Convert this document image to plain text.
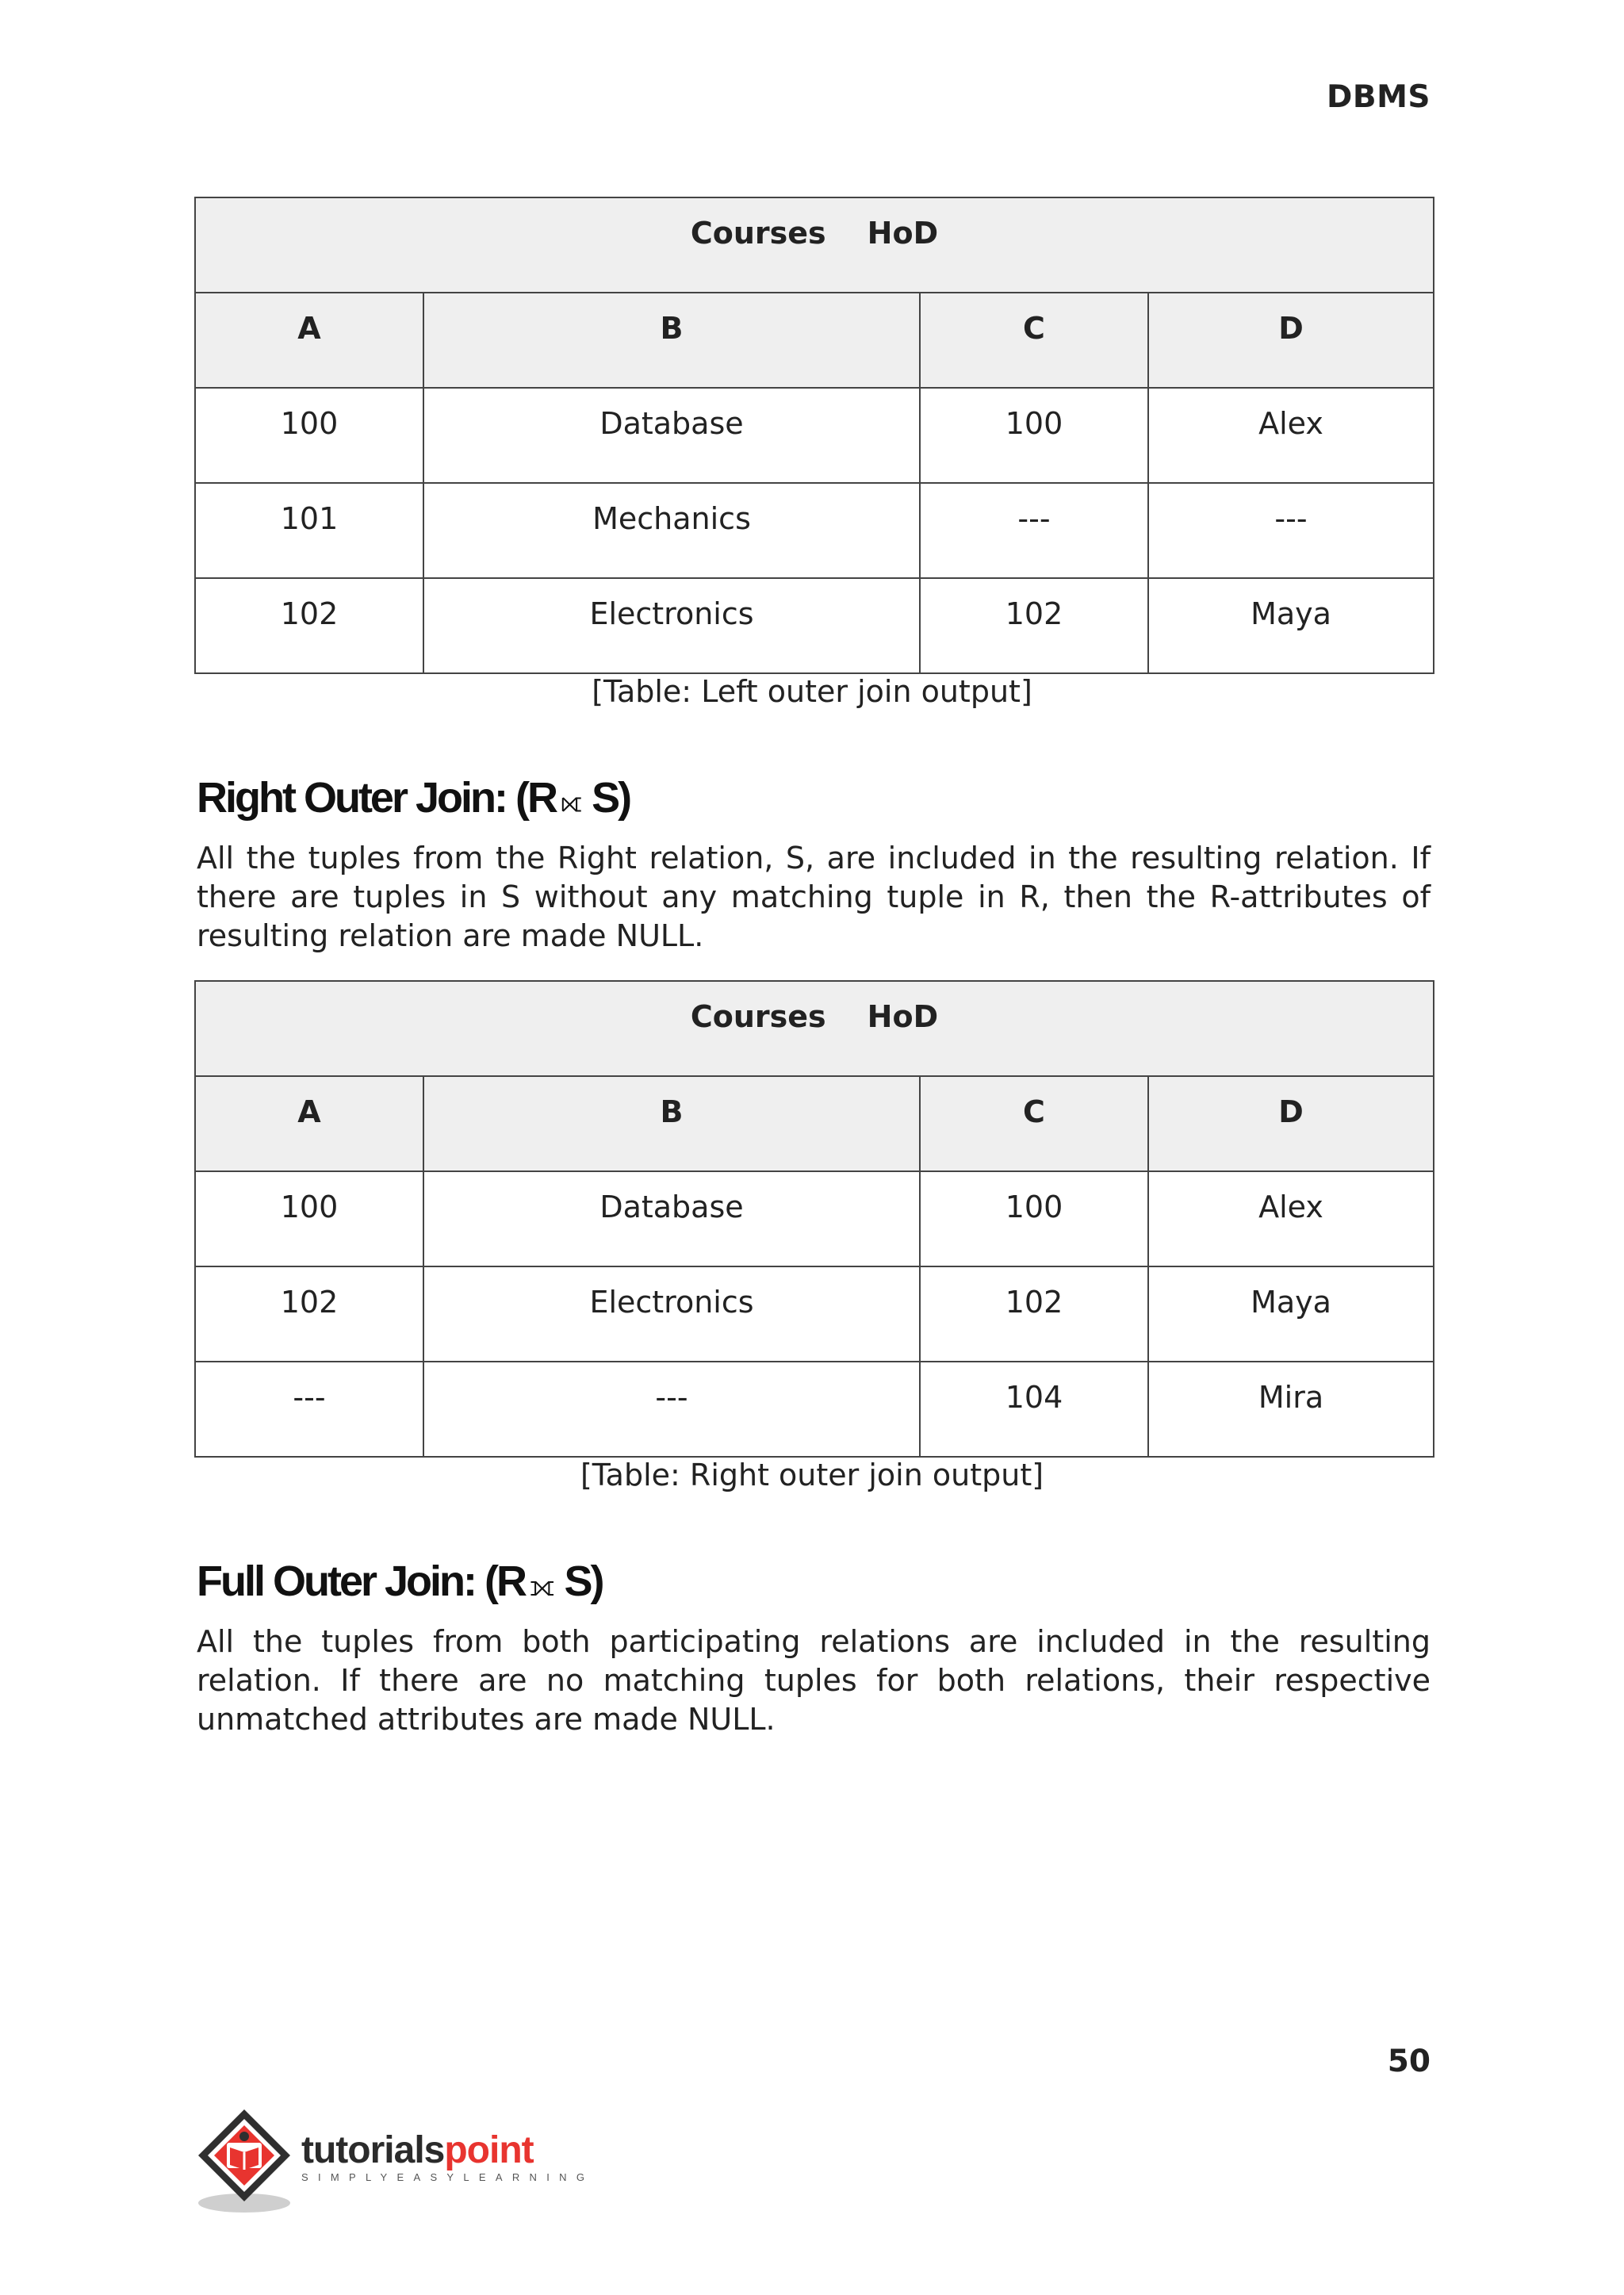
DBMS
Courses HoD			
A	B	C	D
100	Database	100	Alex
101	Mechanics	---	---
102	Electronics	102	Maya
[Table: Left outer join output]
Right Outer Join: (R ⟖ S)

All the tuples from the Right relation, S, are included in the resulting relation. If there are tuples in S without any matching tuple in R, then the R-attributes of resulting relation are made NULL.

Courses HoD			
A	B	C	D
100	Database	100	Alex
102	Electronics	102	Maya
---	---	104	Mira
[Table: Right outer join output]
Full Outer Join: (R ⟗ S)

All the tuples from both participating relations are included in the resulting relation. If there are no matching tuples for both relations, their respective unmatched attributes are made NULL.

50
tutorialspoint
SIMPLYEASYLEARNING
